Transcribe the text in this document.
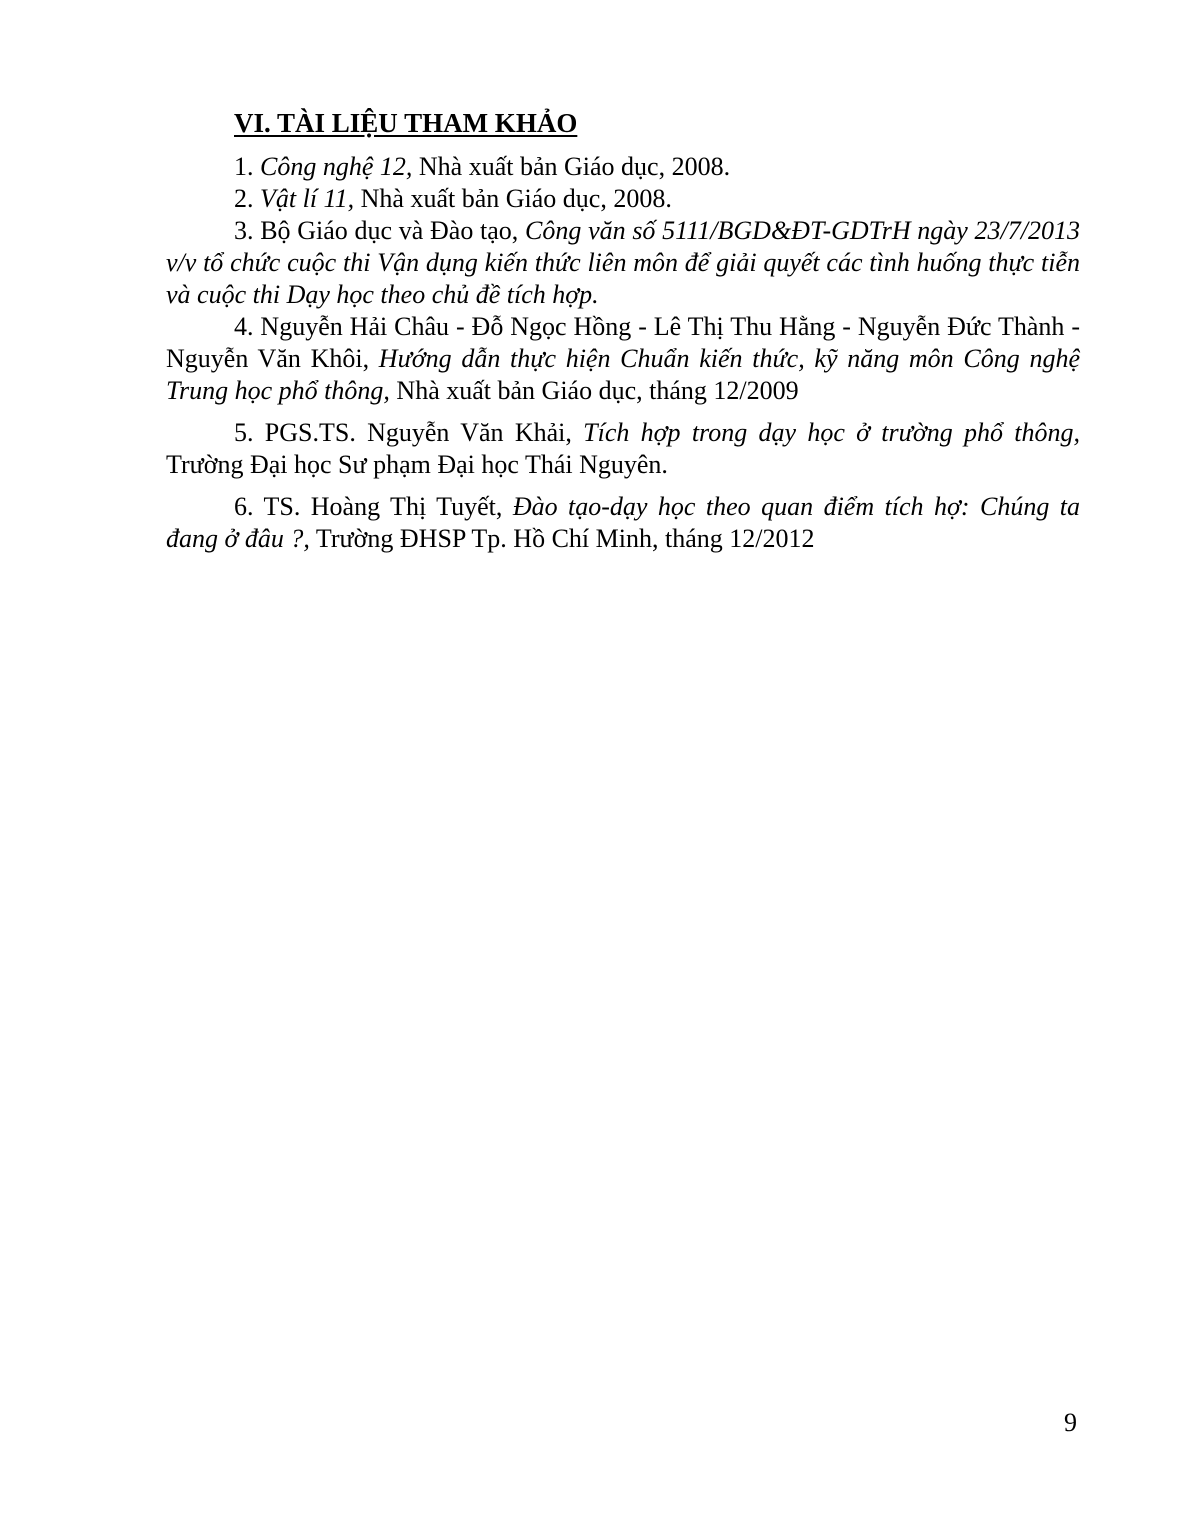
VI. TÀI LIỆU THAM KHẢO

1. Công nghệ 12, Nhà xuất bản Giáo dục, 2008.

2. Vật lí 11, Nhà xuất bản Giáo dục, 2008.

3. Bộ Giáo dục và Đào tạo, Công văn số 5111/BGD&ĐT-GDTrH ngày 23/7/2013 v/v tổ chức cuộc thi Vận dụng kiến thức liên môn để giải quyết các tình huống thực tiễn và cuộc thi Dạy học theo chủ đề tích hợp.

4. Nguyễn Hải Châu - Đỗ Ngọc Hồng - Lê Thị Thu Hằng - Nguyễn Đức Thành - Nguyễn Văn Khôi, Hướng dẫn thực hiện Chuẩn kiến thức, kỹ năng môn Công nghệ Trung học phổ thông, Nhà xuất bản Giáo dục, tháng 12/2009

5. PGS.TS. Nguyễn Văn Khải, Tích hợp trong dạy học ở trường phổ thông, Trường Đại học Sư phạm Đại học Thái Nguyên.

6. TS. Hoàng Thị Tuyết, Đào tạo-dạy học theo quan điểm tích hợ: Chúng ta đang ở đâu ?, Trường ĐHSP Tp. Hồ Chí Minh, tháng 12/2012

9
